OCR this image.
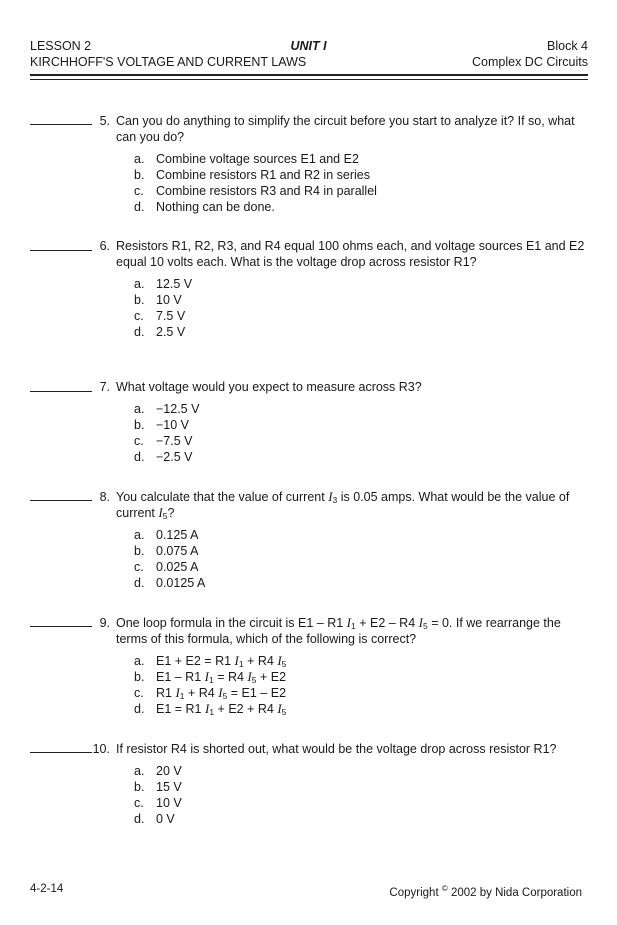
LESSON 2	UNIT I	Block 4
KIRCHHOFF'S VOLTAGE AND CURRENT LAWS	Complex DC Circuits
5. Can you do anything to simplify the circuit before you start to analyze it? If so, what can you do?

a. Combine voltage sources E1 and E2
b. Combine resistors R1 and R2 in series
c. Combine resistors R3 and R4 in parallel
d. Nothing can be done.
6. Resistors R1, R2, R3, and R4 equal 100 ohms each, and voltage sources E1 and E2 equal 10 volts each. What is the voltage drop across resistor R1?

a. 12.5 V
b. 10 V
c. 7.5 V
d. 2.5 V
7. What voltage would you expect to measure across R3?

a. −12.5 V
b. −10 V
c. −7.5 V
d. −2.5 V
8. You calculate that the value of current $I_3$ is 0.05 amps. What would be the value of current $I_5$?

a. 0.125 A
b. 0.075 A
c. 0.025 A
d. 0.0125 A
9. One loop formula in the circuit is E1 – R1 $I_1 + E2 - R4$ $I_5 = 0$. If we rearrange the terms of this formula, which of the following is correct?

a. E1 + E2 = R1 $I_1 + R4$ $I_5$
b. E1 – R1 $I_1 = R4$ $I_5 + E2$
c. R1 $I_1 + R4$ $I_5 = E1 - E2$
d. E1 = R1 $I_1 + E2 + R4$ $I_5$
10. If resistor R4 is shorted out, what would be the voltage drop across resistor R1?

a. 20 V
b. 15 V
c. 10 V
d. 0 V
4-2-14	Copyright © 2002 by Nida Corporation
